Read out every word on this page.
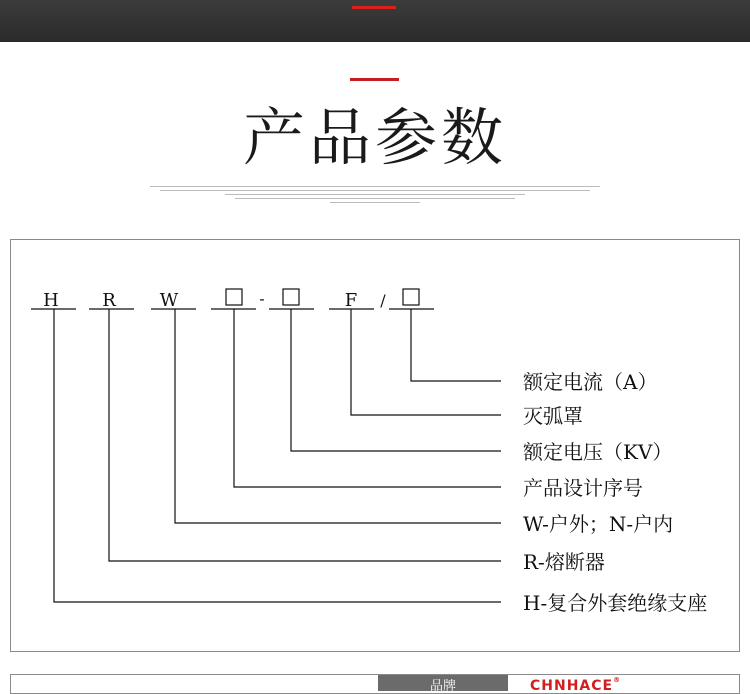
产品参数
H R W	-	F /
额定电流（A）
灭弧罩
额定电压（KV）
产品设计序号
W-户外；N-户内
R-熔断器
H-复合外套绝缘支座
品牌	CHNHACE®
